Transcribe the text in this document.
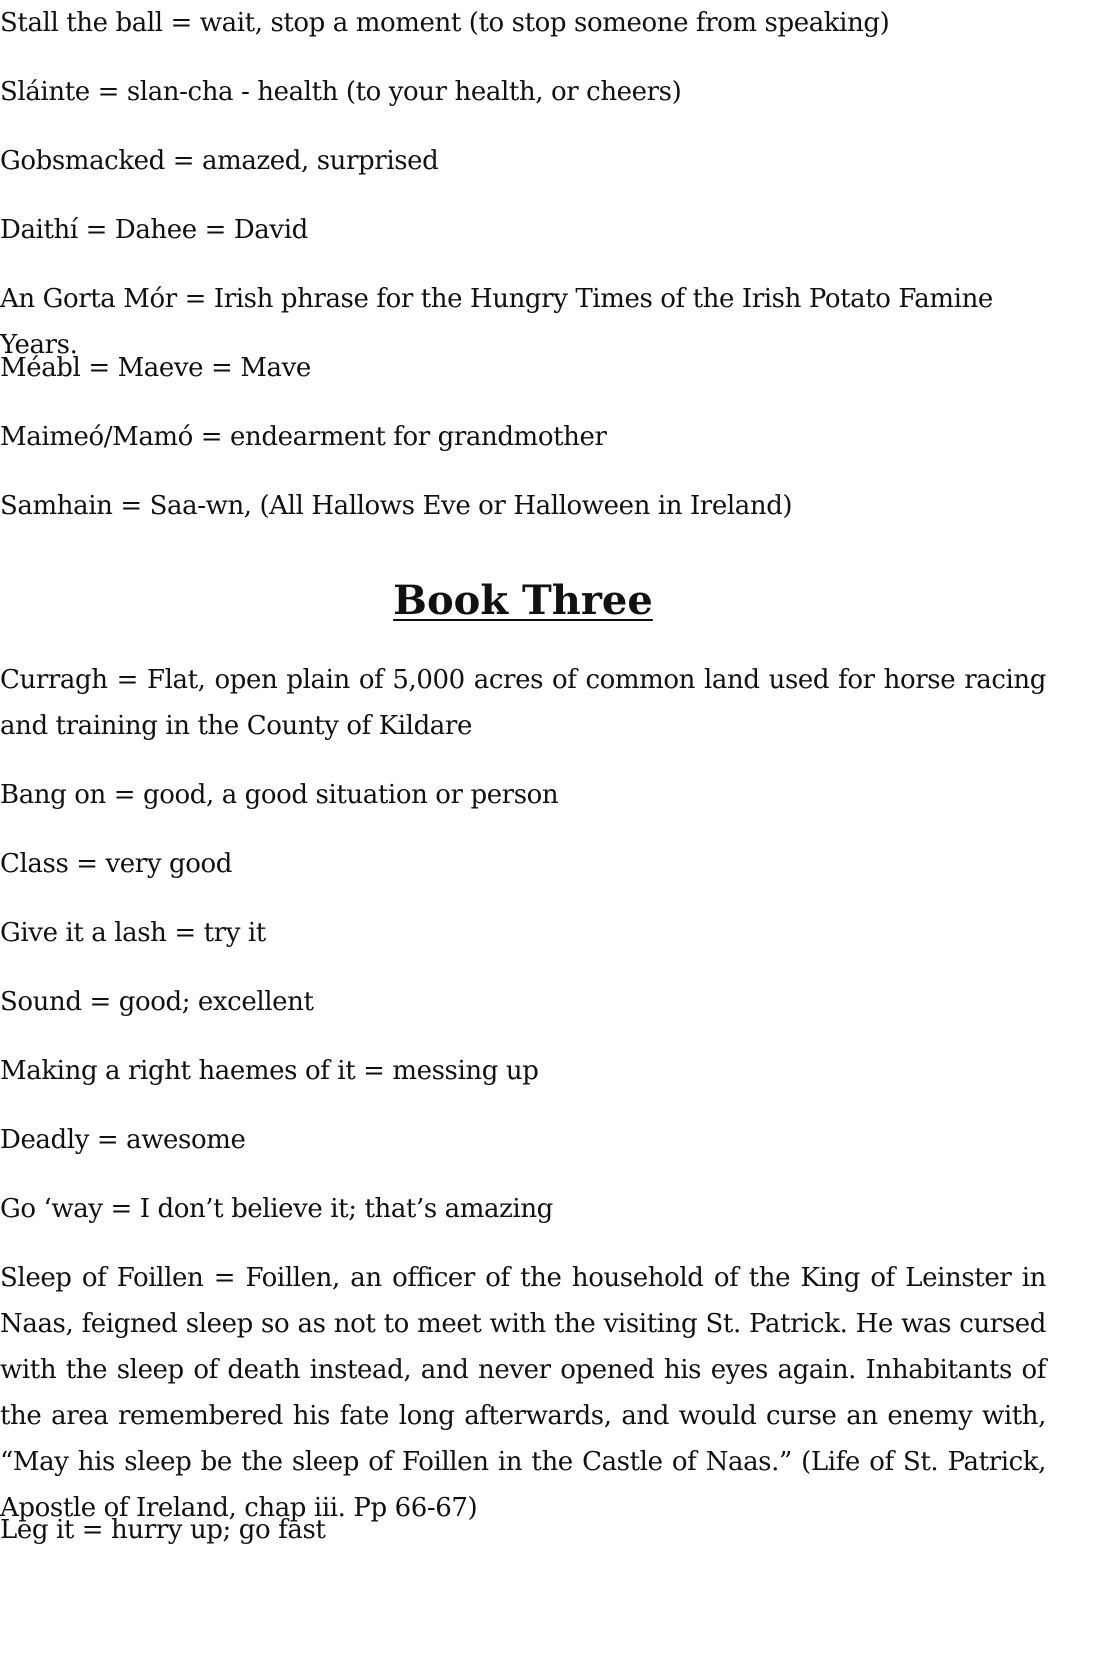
Stall the ball = wait, stop a moment (to stop someone from speaking)

Sláinte = slan-cha - health (to your health, or cheers)

Gobsmacked = amazed, surprised

Daithí = Dahee = David

An Gorta Mór = Irish phrase for the Hungry Times of the Irish Potato Famine Years.

Méabl = Maeve = Mave

Maimeó/Mamó = endearment for grandmother

Samhain = Saa-wn, (All Hallows Eve or Halloween in Ireland)

Book Three

Curragh = Flat, open plain of 5,000 acres of common land used for horse racing and training in the County of Kildare

Bang on = good, a good situation or person

Class = very good

Give it a lash = try it

Sound = good; excellent

Making a right haemes of it = messing up

Deadly = awesome

Go ‘way = I don’t believe it; that’s amazing

Sleep of Foillen = Foillen, an officer of the household of the King of Leinster in Naas, feigned sleep so as not to meet with the visiting St. Patrick. He was cursed with the sleep of death instead, and never opened his eyes again. Inhabitants of the area remembered his fate long afterwards, and would curse an enemy with, “May his sleep be the sleep of Foillen in the Castle of Naas.” (Life of St. Patrick, Apostle of Ireland, chap iii. Pp 66-67)

Leg it = hurry up; go fast
